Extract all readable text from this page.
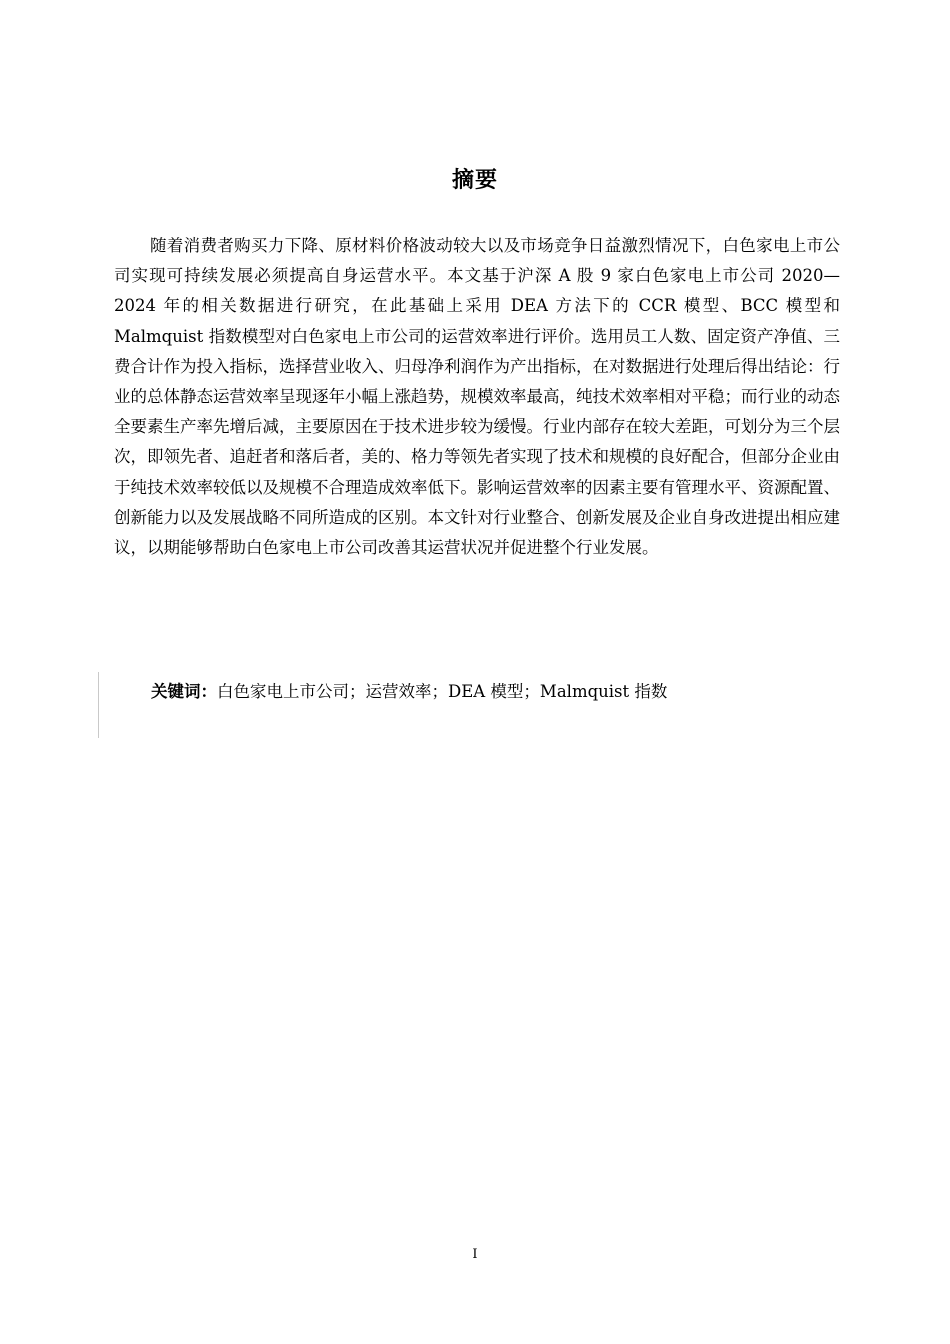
摘要

随着消费者购买力下降、原材料价格波动较大以及市场竞争日益激烈情况下，白色家电上市公司实现可持续发展必须提高自身运营水平。本文基于沪深 A 股 9 家白色家电上市公司 2020—2024 年的相关数据进行研究，在此基础上采用 DEA 方法下的 CCR 模型、BCC 模型和 Malmquist 指数模型对白色家电上市公司的运营效率进行评价。选用员工人数、固定资产净值、三费合计作为投入指标，选择营业收入、归母净利润作为产出指标，在对数据进行处理后得出结论：行业的总体静态运营效率呈现逐年小幅上涨趋势，规模效率最高，纯技术效率相对平稳；而行业的动态全要素生产率先增后减，主要原因在于技术进步较为缓慢。行业内部存在较大差距，可划分为三个层次，即领先者、追赶者和落后者，美的、格力等领先者实现了技术和规模的良好配合，但部分企业由于纯技术效率较低以及规模不合理造成效率低下。影响运营效率的因素主要有管理水平、资源配置、创新能力以及发展战略不同所造成的区别。本文针对行业整合、创新发展及企业自身改进提出相应建议，以期能够帮助白色家电上市公司改善其运营状况并促进整个行业发展。

关键词：白色家电上市公司；运营效率；DEA 模型；Malmquist 指数

I
